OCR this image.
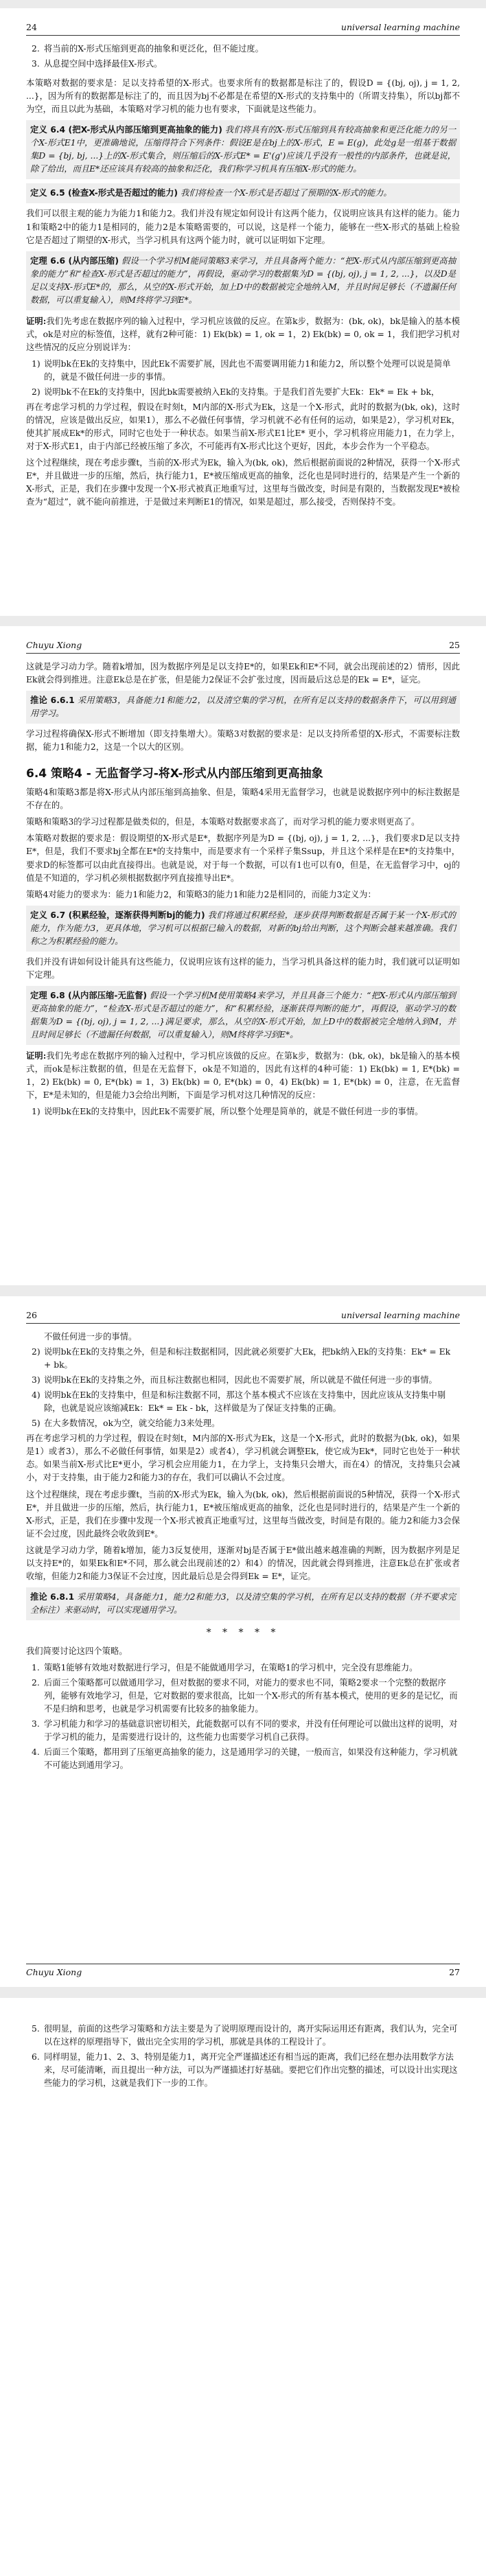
24	universal learning machine
2. 将当前的X-形式压缩到更高的抽象和更泛化，但不能过度。
3. 从息提空间中选择最佳X-形式。

本策略对数据的要求是：足以支持希望的X-形式。也要求所有的数据都是标注了的，假设D = {(bj, oj), j = 1, 2, ...}，因为所有的数据都是标注了的，而且因为bj不必都是在希望的X-形式的支持集中的（所谓支持集），所以bj都不为空，而且以此为基础，本策略对学习机的能力也有要求，下面就是这些能力。

定义 6.4 (把X-形式从内部压缩到更高抽象的能力) 我们将具有的X-形式压缩到具有较高抽象和更泛化能力的另一个X-形式E1中，更准确地说，压缩得符合下列条件：假设E是在bj上的X-形式，E = E(g)，此处g是一组基于数据集D = {bj, bj, ...}上的X-形式集合，则压缩后的X-形式E* = E'(g')应该几乎没有一般性的内部条件，也就是说，除了给出，而且E*还应该具有较高的抽象和泛化，我们称学习机具有压缩X-形式的能力。
定义 6.5 (检查X-形式是否超过的能力) 我们将检查一个X-形式是否超过了预期的X-形式的能力。

我们可以很主观的能力为能力1和能力2。我们并没有规定如何设计有这两个能力，仅说明应该具有这样的能力。能力1和策略2中的能力1是相同的，能力2是本策略需要的，可以说，这是样一个能力，能够在一些X-形式的基础上检验它是否超过了期望的X-形式，当学习机具有这两个能力时，就可以证明如下定理。

定理 6.6 (从内部压缩) 假设一个学习机M能同策略3来学习，并且具备两个能力：“把X-形式从内部压缩到更高抽象的能力”和“检查X-形式是否超过的能力”，再假设，驱动学习的数据集为D = {(bj, oj), j = 1, 2, ...}，以及D是足以支持X-形式E*的，那么，从空的X-形式开始，加上D中的数据被完全地纳入M，并且时间足够长（不遗漏任何数据，可以重复输入），则M终将学习到E*。

证明:我们先考虑在数据序列的输入过程中，学习机应该做的反应。在第k步，数据为：(bk, ok)，bk是输入的基本模式，ok是对应的标签值，这样，就有2种可能：1) Ek(bk) = 1, ok = 1，2) Ek(bk) = 0, ok = 1，我们把学习机对这些情况的反应分别说详为：

1) 说明bk在Ek的支持集中，因此Ek不需要扩展，因此也不需要调用能力1和能力2，所以整个处理可以说是简单的，就是不做任何进一步的事情。
2) 说明bk不在Ek的支持集中，因此bk需要被纳入Ek的支持集。于是我们首先要扩大Ek：Ek* = Ek + bk，

再在考虑学习机的力学过程，假设在时刻t，M内部的X-形式为Ek，这是一个X-形式，此时的数据为(bk, ok)，这时的情况，应该是做出反应，如果1），那么不必做任何事情，学习机就不必有任何的运动，如果是2），学习机对Ek，使其扩展成Ek*的形式，同时它也处于一种状态。如果当前X-形式E1比E* 更小，学习机将应用能力1，在力学上，对于X-形式E1，由于内部已经被压缩了多次，不可能再有X-形式比这个更好，因此，本步会作为一个平稳态。

这个过程继续，现在考虑步骤t，当前的X-形式为Ek，输入为(bk, ok)，然后根据前面说的2种情况，获得一个X-形式E*，并且做进一步的压缩，然后，执行能力1，E*被压缩成更高的抽象，泛化也是同时进行的，结果是产生一个新的X-形式，正是，我们在步骤中发现一个X-形式被真正地重写过，这里每当做改变，时间是有限的，当数据发现E*被检查为“超过”，就不能向前推进，于是做过来判断E1的情况，如果是超过，那么接受，否则保持不变。

Chuyu Xiong	25

这就是学习动力学。随着k增加，因为数据序列是足以支持E*的，如果Ek和E*不同，就会出现前述的2）情形，因此Ek就会得到推进。注意Ek总是在扩张，但是能力2保证不会扩张过度，因而最后这总是的Ek = E*，证完。

推论 6.6.1 采用策略3，具备能力1和能力2，以及清空集的学习机，在所有足以支持的数据条件下，可以用到通用学习。

学习过程将确保X-形式不断增加（即支持集增大）。策略3对数据的要求是：足以支持所希望的X-形式，不需要标注数据，能力1和能力2，这是一个以大的区别。

6.4 策略4 - 无监督学习-将X-形式从内部压缩到更高抽象

策略4和策略3都是将X-形式从内部压缩到高抽象、但是，策略4采用无监督学习，也就是说数据序列中的标注数据是不存在的。

策略和策略3的学习过程都是做类似的，但是，本策略对数据要求高了，而对学习机的能力要求则更高了。

本策略对数据的要求是：假设期望的X-形式是E*，数据序列是为D = {(bj, oj), j = 1, 2, ...}，我们要求D足以支持E*，但是，我们不要求bj全都在E*的支持集中，而是要求有一个采样子集Ssup，并且这个采样是在E*的支持集中，要求D的标签都可以由此直接得出。也就是说，对于每一个数据，可以有1也可以有0，但是，在无监督学习中，oj的值是不知道的，学习机必须根据数据序列直接推导出E*。

策略4对能力的要求为：能力1和能力2，和策略3的能力1和能力2是相同的，而能力3定义为：

定义 6.7 (积累经验，逐渐获得判断bj的能力) 我们将通过积累经验，逐步获得判断数据是否属于某一个X-形式的能力，作为能力3，更具体地，学习机可以根据已输入的数据，对新的bj给出判断，这个判断会越来越准确。我们称之为积累经验的能力。

我们并没有讲如何设计能具有这些能力，仅说明应该有这样的能力，当学习机具备这样的能力时，我们就可以证明如下定理。

定理 6.8 (从内部压缩-无监督) 假设一个学习机M使用策略4来学习，并且具备三个能力：“把X-形式从内部压缩到更高抽象的能力”，“检查X-形式是否超过的能力”，和“积累经验，逐渐获得判断的能力”，再假设，驱动学习的数据集为D = {(bj, oj), j = 1, 2, ...}满足要求，那么，从空的X-形式开始，加上D中的数据被完全地纳入到M，并且时间足够长（不遗漏任何数据，可以重复输入），则M终将学习到E*。

证明:我们先考虑在数据序列的输入过程中，学习机应该做的反应。在第k步，数据为：(bk, ok)，bk是输入的基本模式，而ok是标注数据的值，但是在无监督下，ok是不知道的，因此有这样的4种可能：1) Ek(bk) = 1, E*(bk) = 1，2) Ek(bk) = 0, E*(bk) = 1，3) Ek(bk) = 0, E*(bk) = 0，4) Ek(bk) = 1, E*(bk) = 0，注意，在无监督下，E*是未知的，但是能力3会给出判断，下面是学习机对这几种情况的反应：

1) 说明bk在Ek的支持集中，因此Ek不需要扩展，所以整个处理是简单的，就是不做任何进一步的事情。
26	universal learning machine
不做任何进一步的事情。
2) 说明bk在Ek的支持集之外，但是和标注数据相同，因此就必须要扩大Ek，把bk纳入Ek的支持集：Ek* = Ek + bk。
3) 说明bk在Ek的支持集之外，而且标注数据也相同，因此也不需要扩展，所以就是不做任何进一步的事情。
4) 说明bk在Ek的支持集中，但是和标注数据不同，那这个基本模式不应该在支持集中，因此应该从支持集中剔除，也就是说应该缩减Ek：Ek* = Ek - bk，这样做是为了保证支持集的正确。
5) 在大多数情况，ok为空，就交给能力3来处理。

再在考虑学习机的力学过程，假设在时刻t，M内部的X-形式为Ek，这是一个X-形式，此时的数据为(bk, ok)，如果是1）或者3），那么不必做任何事情，如果是2）或者4），学习机就会调整Ek，使它成为Ek*，同时它也处于一种状态。如果当前X-形式比E*更小，学习机会应用能力1，在力学上，支持集只会增大，而在4）的情况，支持集只会减小，对于支持集，由于能力2和能力3的存在，我们可以确认不会过度。

这个过程继续，现在考虑步骤t，当前的X-形式为Ek，输入为(bk, ok)，然后根据前面说的5种情况，获得一个X-形式E*，并且做进一步的压缩，然后，执行能力1，E*被压缩成更高的抽象，泛化也是同时进行的，结果是产生一个新的X-形式，正是，我们在步骤中发现一个X-形式被真正地重写过，这里每当做改变，时间是有限的。能力2和能力3会保证不会过度，因此最终会收敛到E*。

这就是学习动力学，随着k增加，能力3反复使用，逐渐对bj是否属于E*做出越来越准确的判断，因为数据序列是足以支持E*的，如果Ek和E*不同，那么就会出现前述的2）和4）的情况，因此就会得到推进，注意Ek总在扩张或者收缩，但能力2和能力3保证不会过度，因此最后总是会得到Ek = E*，证完。

推论 6.8.1 采用策略4，具备能力1，能力2和能力3，以及清空集的学习机，在所有足以支持的数据（并不要求完全标注）来驱动时，可以实现通用学习。
* * * * *

我们简要讨论这四个策略。

1. 策略1能够有效地对数据进行学习，但是不能做通用学习，在策略1的学习机中，完全没有思维能力。
2. 后面三个策略都可以做通用学习，但对数据的要求不同，对能力的要求也不同，策略2要求一个完整的数据序列，能够有效地学习，但是，它对数据的要求很高，比如一个X-形式的所有基本模式，使用的更多的是记忆，而不是归纳和思考，也就是学习机需要有比较多的抽象能力。
3. 学习机能力和学习的基础意识密切相关，此能数据可以有不同的要求，并没有任何理论可以做出这样的说明，对于学习机的能力，是需要进行设计的，这些能力也需要学习机自己获得。
4. 后面三个策略，都用到了压缩更高抽象的能力，这是通用学习的关键，一般而言，如果没有这种能力，学习机就不可能达到通用学习。
Chuyu Xiong	27
5. 很明显，前面的这些学习策略和方法主要是为了说明原理而设计的，离开实际运用还有距离，我们认为，完全可以在这样的原理指导下，做出完全实用的学习机，那就是具体的工程设计了。
6. 同样明显，能力1、2、3、特别是能力1，离开完全严谨描述还有相当远的距离，我们已经在想办法用数学方法来，尽可能清晰，而且提出一种方法，可以为严谨描述打好基础。要把它们作出完整的描述，可以设计出实现这些能力的学习机，这就是我们下一步的工作。
